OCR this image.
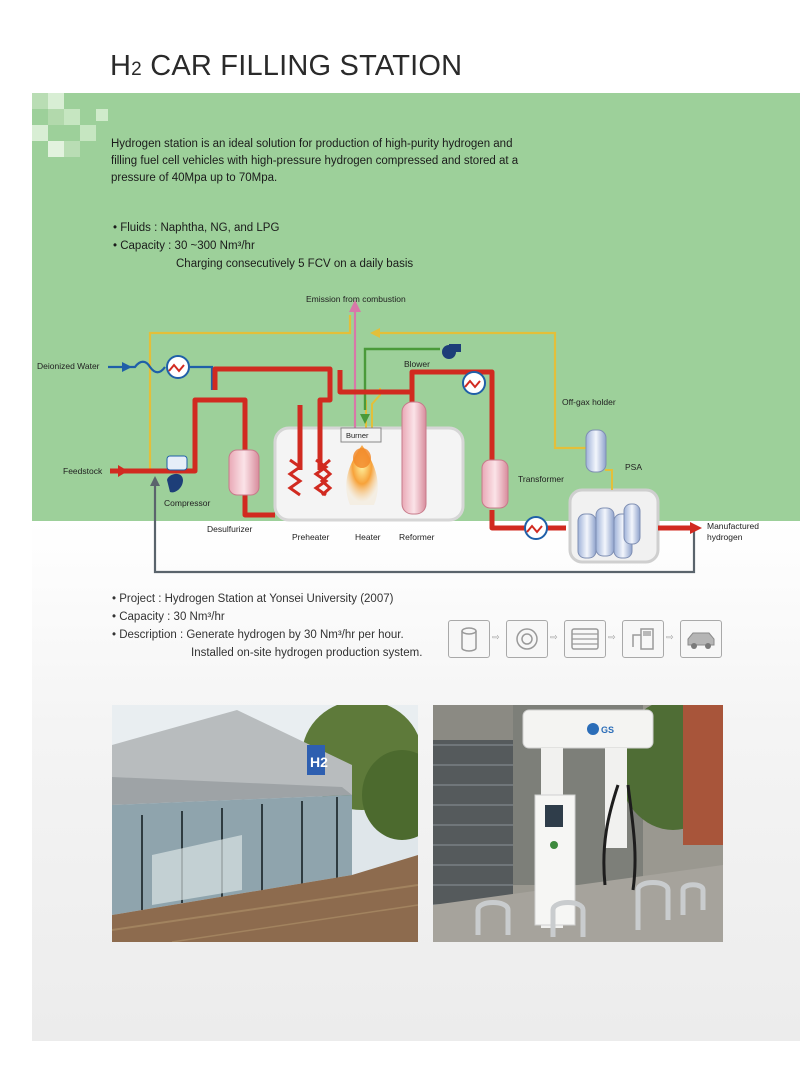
H2 CAR FILLING STATION
Hydrogen station is an ideal solution for production of high-purity hydrogen and
filling fuel cell vehicles with high-pressure hydrogen compressed and stored at a
pressure of 40Mpa up to 70Mpa.
• Fluids : Naphtha, NG, and LPG
• Capacity : 30 ~300 Nm³/hr
Charging consecutively 5 FCV on a daily basis
Emission from combustion
Deionized Water
Feedstock
Blower
Off-gax holder
Burner
PSA
Transformer
Compressor
Desulfurizer
Preheater	Heater Reformer
Manufactured
hydrogen
• Project : Hydrogen Station at Yonsei University (2007)
• Capacity : 30 Nm³/hr
• Description : Generate hydrogen by 30 Nm³/hr per hour.
Installed on-site hydrogen production system.
⇨	⇨	⇨	⇨
H2
GS
